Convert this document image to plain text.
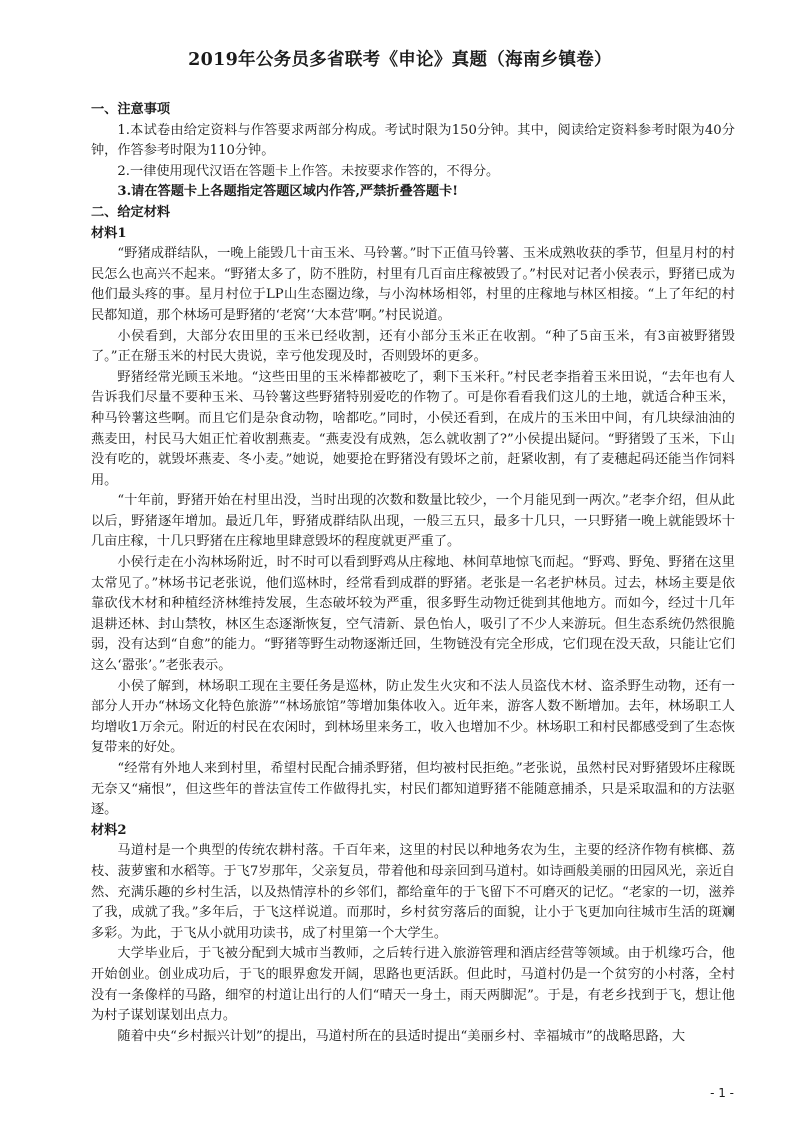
2019年公务员多省联考《申论》真题（海南乡镇卷）

一、注意事项

1.本试卷由给定资料与作答要求两部分构成。考试时限为150分钟。其中，阅读给定资料参考时限为40分钟，作答参考时限为110分钟。

2.一律使用现代汉语在答题卡上作答。未按要求作答的，不得分。

3.请在答题卡上各题指定答题区域内作答,严禁折叠答题卡!

二、给定材料

材料1

“野猪成群结队，一晚上能毁几十亩玉米、马铃薯。”时下正值马铃薯、玉米成熟收获的季节，但星月村的村民怎么也高兴不起来。“野猪太多了，防不胜防，村里有几百亩庄稼被毁了。”村民对记者小侯表示，野猪已成为他们最头疼的事。星月村位于LP山生态圈边缘，与小沟林场相邻，村里的庄稼地与林区相接。“上了年纪的村民都知道，那个林场可是野猪的‘老窝’‘大本营’啊。”村民说道。

小侯看到，大部分农田里的玉米已经收割，还有小部分玉米正在收割。“种了5亩玉米，有3亩被野猪毁了。”正在掰玉米的村民大贵说，幸亏他发现及时，否则毁坏的更多。

野猪经常光顾玉米地。“这些田里的玉米棒都被吃了，剩下玉米秆。”村民老李指着玉米田说，“去年也有人告诉我们尽量不要种玉米、马铃薯这些野猪特别爱吃的作物了。可是你看看我们这儿的土地，就适合种玉米，种马铃薯这些啊。而且它们是杂食动物，啥都吃。”同时，小侯还看到，在成片的玉米田中间，有几块绿油油的燕麦田，村民马大姐正忙着收割燕麦。“燕麦没有成熟，怎么就收割了?”小侯提出疑问。“野猪毁了玉米，下山没有吃的，就毁坏燕麦、冬小麦。”她说，她要抢在野猪没有毁坏之前，赶紧收割，有了麦穗起码还能当作饲料用。

“十年前，野猪开始在村里出没，当时出现的次数和数量比较少，一个月能见到一两次。”老李介绍，但从此以后，野猪逐年增加。最近几年，野猪成群结队出现，一般三五只，最多十几只，一只野猪一晚上就能毁坏十几亩庄稼，十几只野猪在庄稼地里肆意毁坏的程度就更严重了。

小侯行走在小沟林场附近，时不时可以看到野鸡从庄稼地、林间草地惊飞而起。“野鸡、野兔、野猪在这里太常见了。”林场书记老张说，他们巡林时，经常看到成群的野猪。老张是一名老护林员。过去，林场主要是依靠砍伐木材和种植经济林维持发展，生态破坏较为严重，很多野生动物迁徙到其他地方。而如今，经过十几年退耕还林、封山禁牧，林区生态逐渐恢复，空气清新、景色怡人，吸引了不少人来游玩。但生态系统仍然很脆弱，没有达到“自愈”的能力。“野猪等野生动物逐渐迁回，生物链没有完全形成，它们现在没天敌，只能让它们这么‘嚣张’。”老张表示。

小侯了解到，林场职工现在主要任务是巡林，防止发生火灾和不法人员盗伐木材、盗杀野生动物，还有一部分人开办“林场文化特色旅游”“林场旅馆”等增加集体收入。近年来，游客人数不断增加。去年，林场职工人均增收1万余元。附近的村民在农闲时，到林场里来务工，收入也增加不少。林场职工和村民都感受到了生态恢复带来的好处。

“经常有外地人来到村里，希望村民配合捕杀野猪，但均被村民拒绝。”老张说，虽然村民对野猪毁坏庄稼既无奈又“痛恨”，但这些年的普法宣传工作做得扎实，村民们都知道野猪不能随意捕杀，只是采取温和的方法驱逐。

材料2

马道村是一个典型的传统农耕村落。千百年来，这里的村民以种地务农为生，主要的经济作物有槟榔、荔枝、菠萝蜜和水稻等。于飞7岁那年，父亲复员，带着他和母亲回到马道村。如诗画般美丽的田园风光，亲近自然、充满乐趣的乡村生活，以及热情淳朴的乡邻们，都给童年的于飞留下不可磨灭的记忆。“老家的一切，滋养了我，成就了我。”多年后，于飞这样说道。而那时，乡村贫穷落后的面貌，让小于飞更加向往城市生活的斑斓多彩。为此，于飞从小就用功读书，成了村里第一个大学生。

大学毕业后，于飞被分配到大城市当教师，之后转行进入旅游管理和酒店经营等领域。由于机缘巧合，他开始创业。创业成功后，于飞的眼界愈发开阔，思路也更活跃。但此时，马道村仍是一个贫穷的小村落，全村没有一条像样的马路，细窄的村道让出行的人们“晴天一身土，雨天两脚泥”。于是，有老乡找到于飞，想让他为村子谋划谋划出点力。

随着中央“乡村振兴计划”的提出，马道村所在的县适时提出“美丽乡村、幸福城市”的战略思路，大

- 1 -
